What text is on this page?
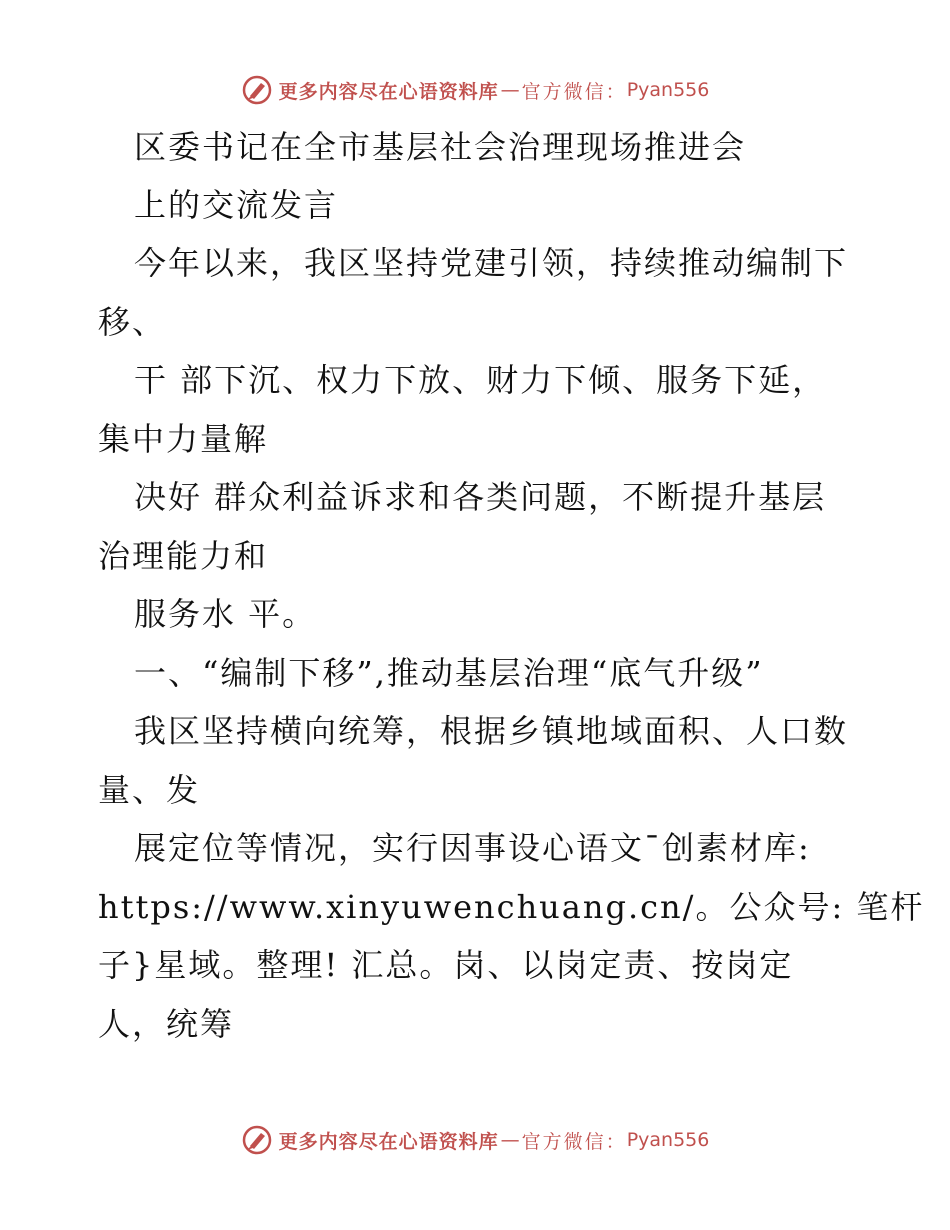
更多内容尽在心语资料库 — 官方微信： Pyan556
区委书记在全市基层社会治理现场推进会
上的交流发言
今年以来，我区坚持党建引领，持续推动编制下
移、
干 部下沉、权力下放、财力下倾、服务下延，
集中力量解
决好 群众利益诉求和各类问题，不断提升基层
治理能力和
服务水 平。
一、“编制下移”,推动基层治理“底气升级”
我区坚持横向统筹，根据乡镇地域面积、人口数
量、发
展定位等情况，实行因事设心语文¯创素材库:
https://www.xinyuwenchuang.cn/。公众号: 笔杆
子}星域。整理! 汇总。岗、以岗定责、按岗定
人，统筹
更多内容尽在心语资料库 — 官方微信： Pyan556
